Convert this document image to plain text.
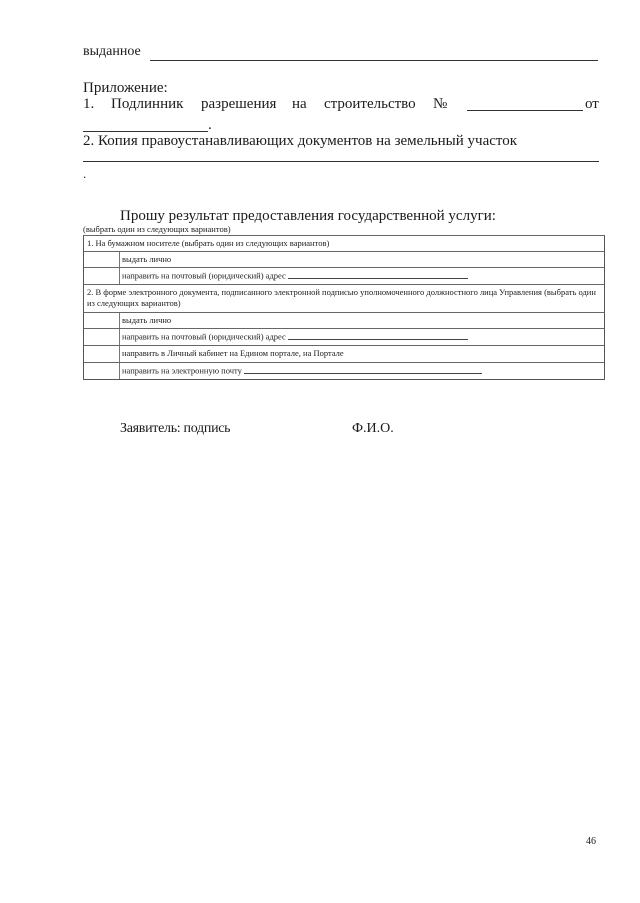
выданное
Приложение:
1. Подлинник разрешения на строительство №	от
.
2. Копия правоустанавливающих документов на земельный участок
.
Прошу результат предоставления государственной услуги:
(выбрать один из следующих вариантов)
1. На бумажном носителе (выбрать один из следующих вариантов)
выдать лично
направить на почтовый (юридический) адрес
2. В форме электронного документа, подписанного электронной подписью уполномоченного должностного лица Управления (выбрать один из следующих вариантов)
выдать лично
направить на почтовый (юридический) адрес
направить в Личный кабинет на Едином портале, на Портале
направить на электронную почту
Заявитель: подпись	Ф.И.О.
46
